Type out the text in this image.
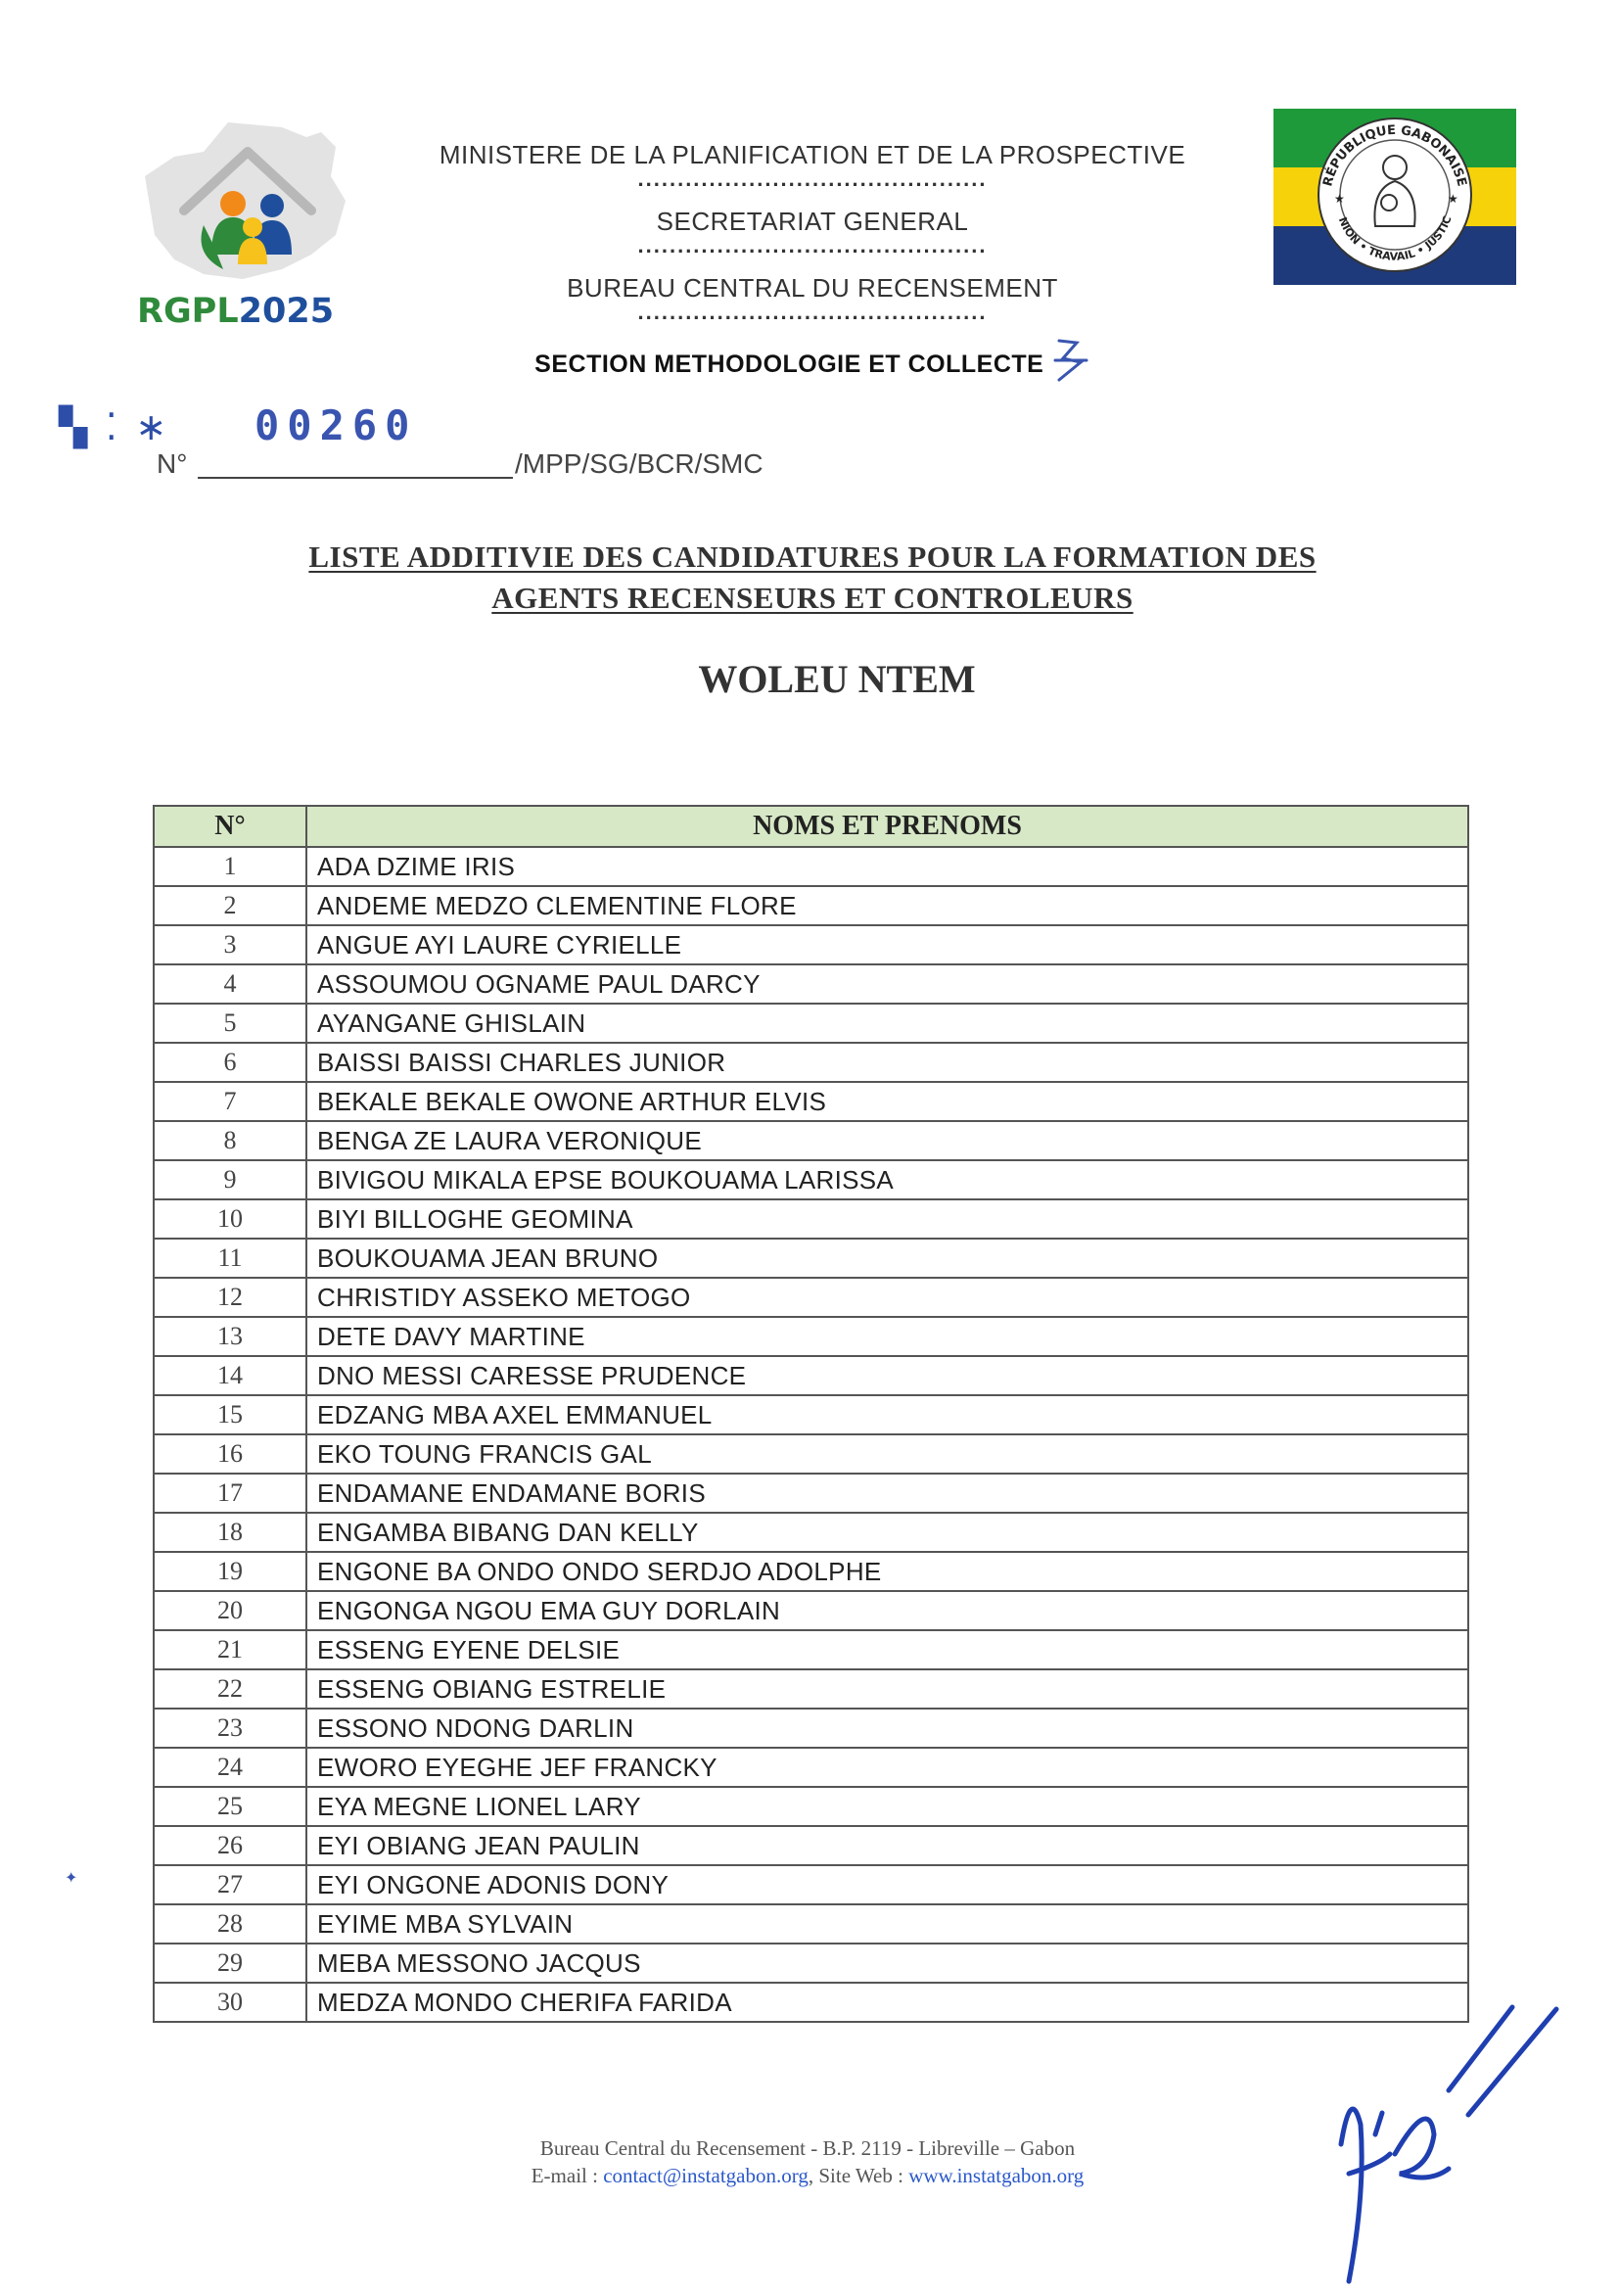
RGPL2025
MINISTERE DE LA PLANIFICATION ET DE LA PROSPECTIVE
............................................
SECRETARIAT GENERAL
............................................
BUREAU CENTRAL DU RECENSEMENT
............................................
SECTION METHODOLOGIE ET COLLECTE
RÉPUBLIQUE GABONAISE
NION • TRAVAIL • JUSTIC
★	★
▚ ⁚ ∗ 00260
N°	/MPP/SG/BCR/SMC
LISTE ADDITIVIE DES CANDIDATURES POUR LA FORMATION DES
AGENTS RECENSEURS ET CONTROLEURS
WOLEU NTEM
N°	NOMS ET PRENOMS
1	ADA DZIME IRIS
2	ANDEME MEDZO CLEMENTINE FLORE
3	ANGUE AYI LAURE CYRIELLE
4	ASSOUMOU OGNAME PAUL DARCY
5	AYANGANE GHISLAIN
6	BAISSI BAISSI CHARLES JUNIOR
7	BEKALE BEKALE OWONE ARTHUR ELVIS
8	BENGA ZE LAURA VERONIQUE
9	BIVIGOU MIKALA EPSE BOUKOUAMA LARISSA
10	BIYI BILLOGHE GEOMINA
11	BOUKOUAMA JEAN BRUNO
12	CHRISTIDY ASSEKO METOGO
13	DETE DAVY MARTINE
14	DNO MESSI CARESSE PRUDENCE
15	EDZANG MBA AXEL EMMANUEL
16	EKO TOUNG FRANCIS GAL
17	ENDAMANE ENDAMANE BORIS
18	ENGAMBA BIBANG DAN KELLY
19	ENGONE BA ONDO ONDO SERDJO ADOLPHE
20	ENGONGA NGOU EMA GUY DORLAIN
21	ESSENG EYENE DELSIE
22	ESSENG OBIANG ESTRELIE
23	ESSONO NDONG DARLIN
24	EWORO EYEGHE JEF FRANCKY
25	EYA MEGNE LIONEL LARY
26	EYI OBIANG JEAN PAULIN
27	EYI ONGONE ADONIS DONY
28	EYIME MBA SYLVAIN
29	MEBA MESSONO JACQUS
30	MEDZA MONDO CHERIFA FARIDA
Bureau Central du Recensement - B.P. 2119 - Libreville – Gabon
E-mail : contact@instatgabon.org, Site Web : www.instatgabon.org
✦
